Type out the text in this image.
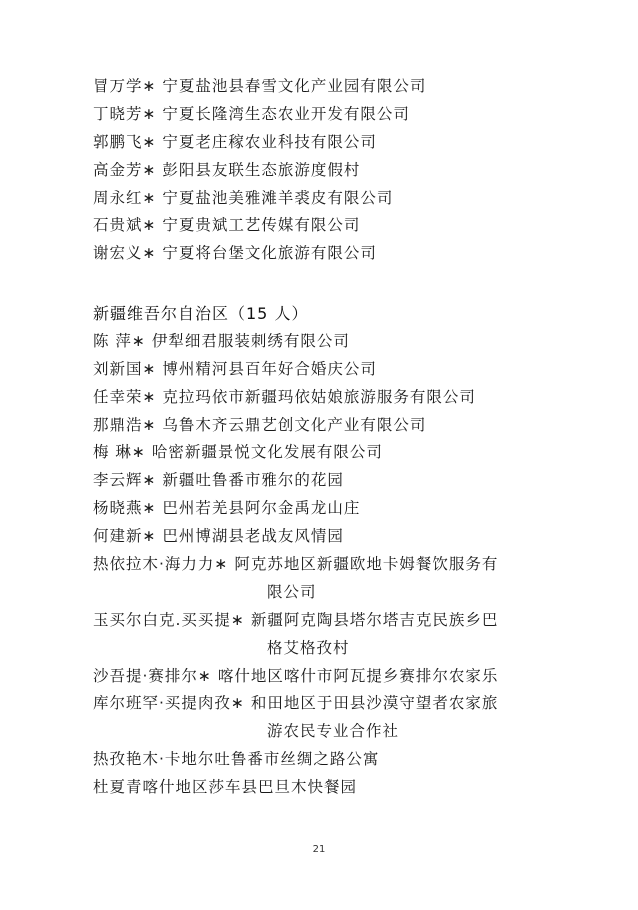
冒万学∗ 宁夏盐池县春雪文化产业园有限公司
丁晓芳∗ 宁夏长隆湾生态农业开发有限公司
郭鹏飞∗ 宁夏老庄稼农业科技有限公司
高金芳∗ 彭阳县友联生态旅游度假村
周永红∗ 宁夏盐池美雅滩羊裘皮有限公司
石贵斌∗ 宁夏贵斌工艺传媒有限公司
谢宏义∗ 宁夏将台堡文化旅游有限公司
新疆维吾尔自治区（15 人）
陈 萍∗ 伊犁细君服装刺绣有限公司
刘新国∗ 博州精河县百年好合婚庆公司
任幸荣∗ 克拉玛依市新疆玛依姑娘旅游服务有限公司
那鼎浩∗ 乌鲁木齐云鼎艺创文化产业有限公司
梅 琳∗ 哈密新疆景悦文化发展有限公司
李云辉∗ 新疆吐鲁番市雅尔的花园
杨晓燕∗ 巴州若羌县阿尔金禹龙山庄
何建新∗ 巴州博湖县老战友风情园
热依拉木·海力力∗ 阿克苏地区新疆欧地卡姆餐饮服务有
限公司
玉买尔白克.买买提∗ 新疆阿克陶县塔尔塔吉克民族乡巴
格艾格孜村
沙吾提·赛排尔∗ 喀什地区喀什市阿瓦提乡赛排尔农家乐
库尔班罕·买提肉孜∗ 和田地区于田县沙漠守望者农家旅
游农民专业合作社
热孜艳木·卡地尔吐鲁番市丝绸之路公寓
杜夏青喀什地区莎车县巴旦木快餐园
21
